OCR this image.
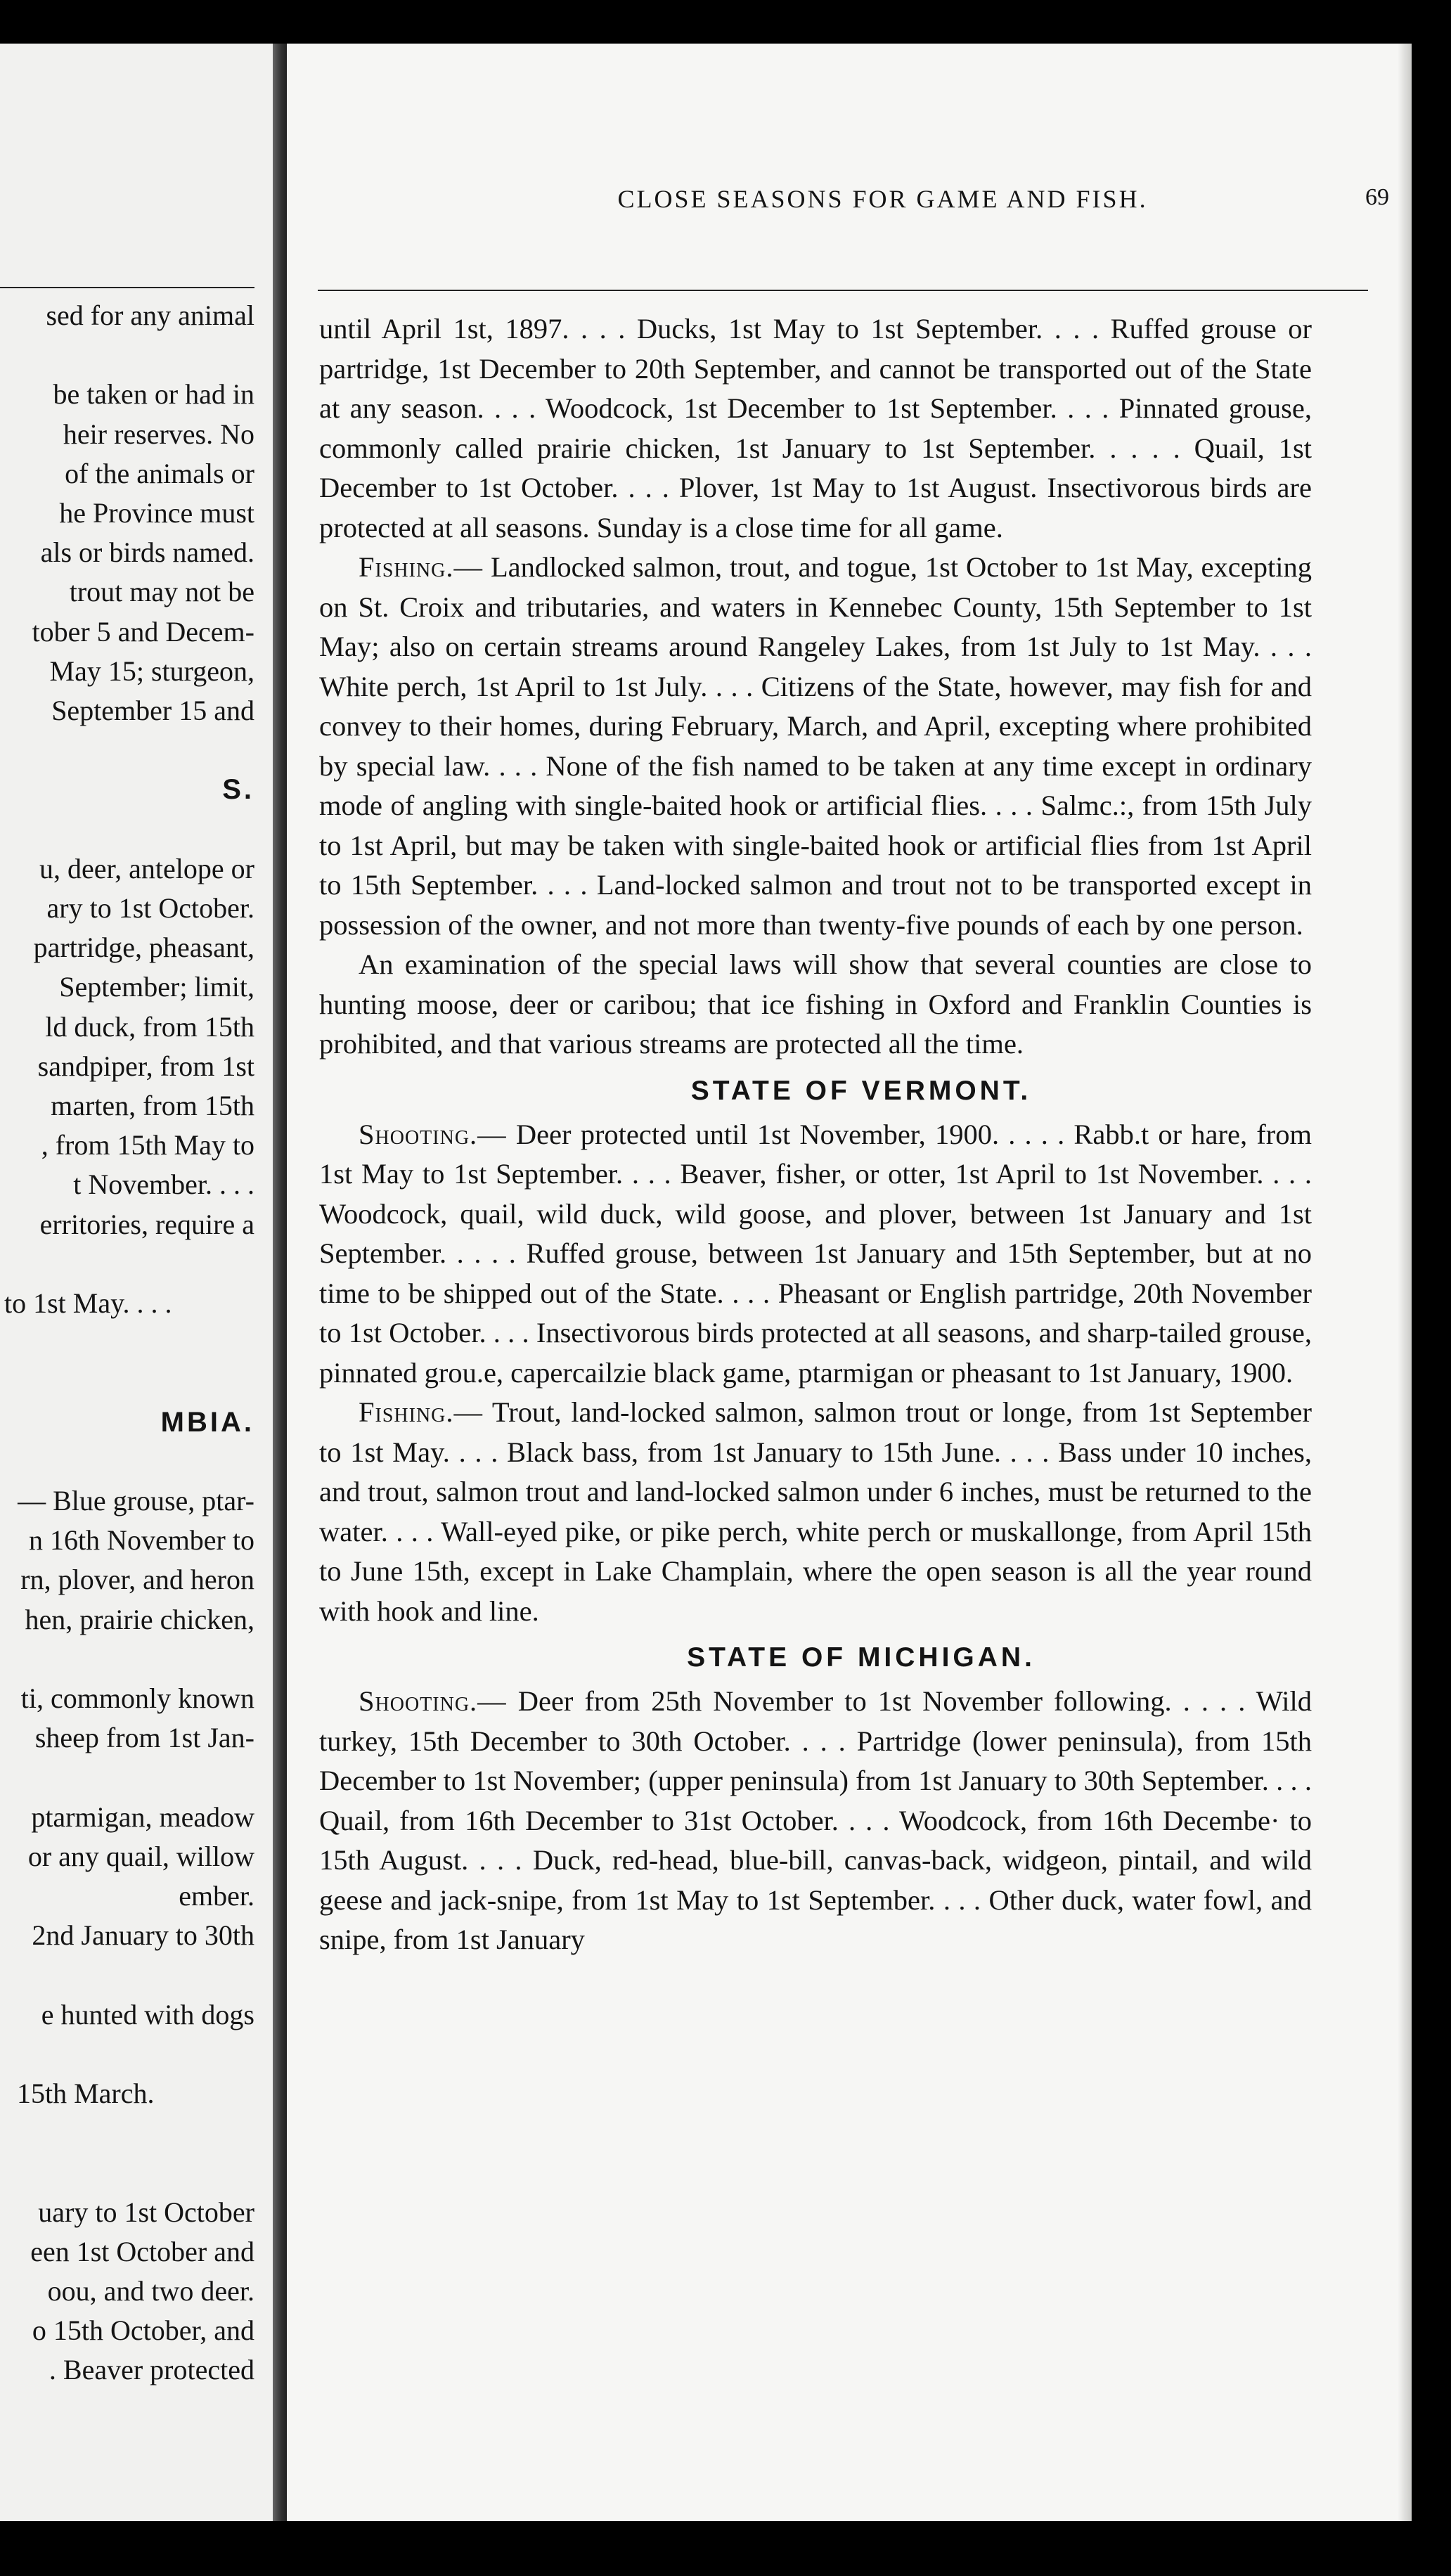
sed for any animal
be taken or had in
heir reserves. No
of the animals or
he Province must
als or birds named.
trout may not be
tober 5 and Decem-
May 15; sturgeon,
September 15 and
S.
u, deer, antelope or
ary to 1st October.
partridge, pheasant,
September; limit,
ld duck, from 15th
sandpiper, from 1st
marten, from 15th
, from 15th May to
t November. . . .
erritories, require a
to 1st May. . . .
MBIA.
— Blue grouse, ptar-
n 16th November to
rn, plover, and heron
hen, prairie chicken,
ti, commonly known
sheep from 1st Jan-
ptarmigan, meadow
or any quail, willow
ember.
2nd January to 30th
e hunted with dogs
15th March.
uary to 1st October
een 1st October and
oou, and two deer.
o 15th October, and
. Beaver protected
CLOSE SEASONS FOR GAME AND FISH.	69

until April 1st, 1897. . . . Ducks, 1st May to 1st September. . . . Ruffed grouse or partridge, 1st December to 20th September, and cannot be transported out of the State at any season. . . . Woodcock, 1st December to 1st September. . . . Pinnated grouse, commonly called prairie chicken, 1st January to 1st September. . . . . Quail, 1st December to 1st October. . . . Plover, 1st May to 1st August. Insectivorous birds are protected at all seasons. Sunday is a close time for all game.

Fishing.— Landlocked salmon, trout, and togue, 1st October to 1st May, excepting on St. Croix and tributaries, and waters in Kennebec County, 15th September to 1st May; also on certain streams around Rangeley Lakes, from 1st July to 1st May. . . . White perch, 1st April to 1st July. . . . Citizens of the State, however, may fish for and convey to their homes, during February, March, and April, excepting where prohibited by special law. . . . None of the fish named to be taken at any time except in ordinary mode of angling with single-baited hook or artificial flies. . . . Salmc.:, from 15th July to 1st April, but may be taken with single-baited hook or artificial flies from 1st April to 15th September. . . . Land-locked salmon and trout not to be transported except in possession of the owner, and not more than twenty-five pounds of each by one person.

An examination of the special laws will show that several counties are close to hunting moose, deer or caribou; that ice fishing in Oxford and Franklin Counties is prohibited, and that various streams are protected all the time.

STATE OF VERMONT.

Shooting.— Deer protected until 1st November, 1900. . . . . Rabb.t or hare, from 1st May to 1st September. . . . Beaver, fisher, or otter, 1st April to 1st November. . . . Woodcock, quail, wild duck, wild goose, and plover, between 1st January and 1st September. . . . . Ruffed grouse, between 1st January and 15th September, but at no time to be shipped out of the State. . . . Pheasant or English partridge, 20th November to 1st October. . . . Insectivorous birds protected at all seasons, and sharp-tailed grouse, pinnated grou.e, capercailzie black game, ptarmigan or pheasant to 1st January, 1900.

Fishing.— Trout, land-locked salmon, salmon trout or longe, from 1st September to 1st May. . . . Black bass, from 1st January to 15th June. . . . Bass under 10 inches, and trout, salmon trout and land-locked salmon under 6 inches, must be returned to the water. . . . Wall-eyed pike, or pike perch, white perch or muskallonge, from April 15th to June 15th, except in Lake Champlain, where the open season is all the year round with hook and line.

STATE OF MICHIGAN.

Shooting.— Deer from 25th November to 1st November following. . . . . Wild turkey, 15th December to 30th October. . . . Partridge (lower peninsula), from 15th December to 1st November; (upper peninsula) from 1st January to 30th September. . . . Quail, from 16th December to 31st October. . . . Woodcock, from 16th Decembe· to 15th August. . . . Duck, red-head, blue-bill, canvas-back, widgeon, pintail, and wild geese and jack-snipe, from 1st May to 1st September. . . . Other duck, water fowl, and snipe, from 1st January
